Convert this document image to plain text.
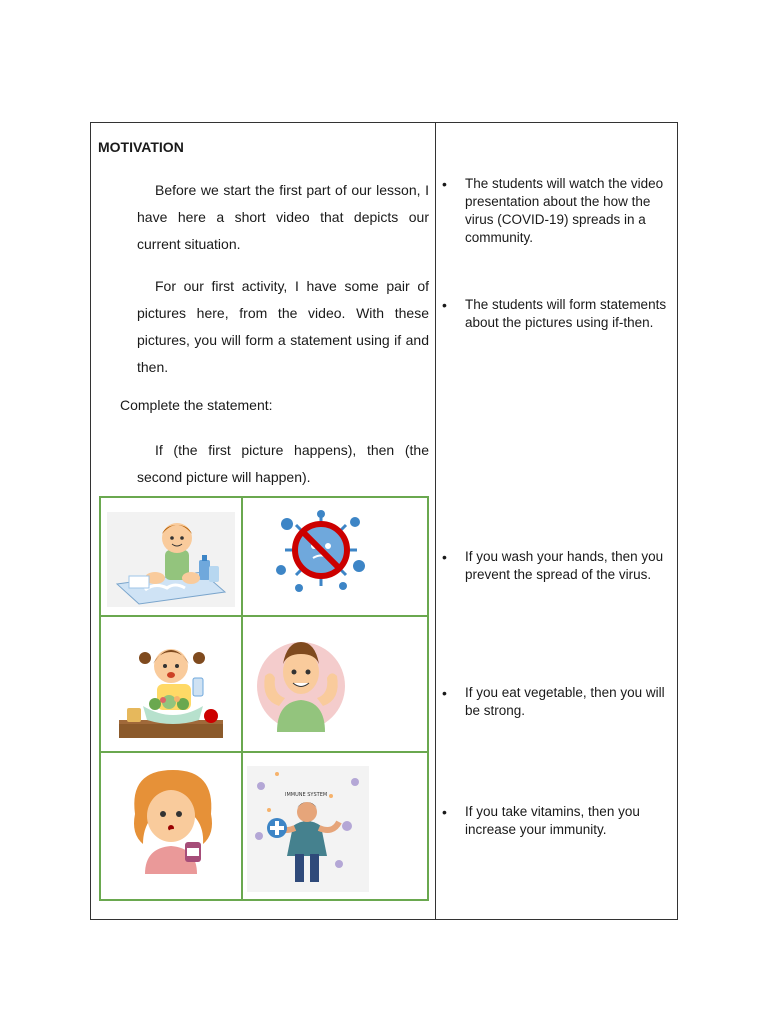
MOTIVATION

Before we start the first part of our lesson, I have here a short video that depicts our current situation.

For our first activity, I have some pair of pictures here, from the video. With these pictures, you will form a statement using if and then.

Complete the statement:

If (the first picture happens), then (the second picture will happen).

IMMUNE SYSTEM
• The students will watch the video presentation about the how the virus (COVID-19) spreads in a community.
• The students will form statements about the pictures using if-then.
• If you wash your hands, then you prevent the spread of the virus.
• If you eat vegetable, then you will be strong.
• If you take vitamins, then you increase your immunity.
